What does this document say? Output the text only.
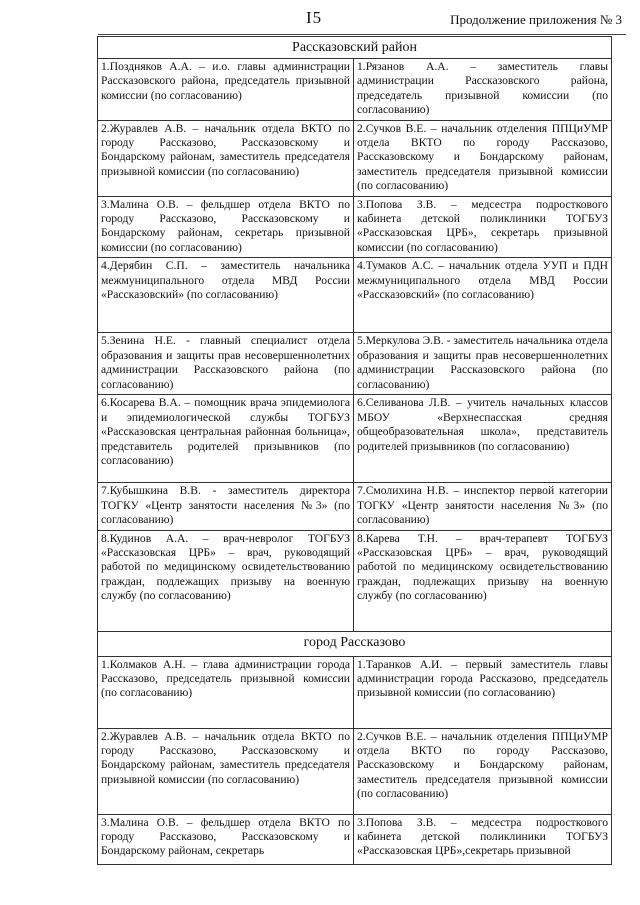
I5	Продолжение приложения № 3
Рассказовский район	
1.Поздняков А.А. – и.о. главы администрации Рассказовского района, председатель призывной комиссии (по согласованию)	1.Рязанов А.А. – заместитель главы администрации Рассказовского района, председатель призывной комиссии (по согласованию)
2.Журавлев А.В. – начальник отдела ВКТО по городу Рассказово, Рассказовскому и Бондарскому районам, заместитель председателя призывной комиссии (по согласованию)	2.Сучков В.Е. – начальник отделения ППЦиУМР отдела ВКТО по городу Рассказово, Рассказовскому и Бондарскому районам, заместитель председателя призывной комиссии (по согласованию)
3.Малина О.В. – фельдшер отдела ВКТО по городу Рассказово, Рассказовскому и Бондарскому районам, секретарь призывной комиссии (по согласованию)	3.Попова З.В. – медсестра подросткового кабинета детской поликлиники ТОГБУЗ «Рассказовская ЦРБ», секретарь призывной комиссии (по согласованию)
4.Дерябин С.П. – заместитель начальника межмуниципального отдела МВД России «Рассказовский» (по согласованию)	4.Тумаков А.С. – начальник отдела УУП и ПДН межмуниципального отдела МВД России «Рассказовский» (по согласованию)
5.Зенина Н.Е. - главный специалист отдела образования и защиты прав несовершеннолетних администрации Рассказовского района (по согласованию)	5.Меркулова Э.В. - заместитель начальника отдела образования и защиты прав несовершеннолетних администрации Рассказовского района (по согласованию)
6.Косарева В.А. – помощник врача эпидемиолога и эпидемиологической службы ТОГБУЗ «Рассказовская центральная районная больница», представитель родителей призывников (по согласованию)	6.Селиванова Л.В. – учитель начальных классов МБОУ «Верхнеспасская средняя общеобразовательная школа», представитель родителей призывников (по согласованию)
7.Кубышкина В.В. - заместитель директора ТОГКУ «Центр занятости населения №3» (по согласованию)	7.Смолихина Н.В. – инспектор первой категории ТОГКУ «Центр занятости населения №3» (по согласованию)
8.Кудинов А.А. – врач-невролог ТОГБУЗ «Рассказовская ЦРБ» – врач, руководящий работой по медицинскому освидетельствованию граждан, подлежащих призыву на военную службу (по согласованию)	8.Карева Т.Н. – врач-терапевт ТОГБУЗ «Рассказовская ЦРБ» – врач, руководящий работой по медицинскому освидетельствованию граждан, подлежащих призыву на военную службу (по согласованию)
город Рассказово	
1.Колмаков А.Н. – глава администрации города Рассказово, председатель призывной комиссии (по согласованию)	1.Таранков А.И. – первый заместитель главы администрации города Рассказово, председатель призывной комиссии (по согласованию)
2.Журавлев А.В. – начальник отдела ВКТО по городу Рассказово, Рассказовскому и Бондарскому районам, заместитель председателя призывной комиссии (по согласованию)	2.Сучков В.Е. – начальник отделения ППЦиУМР отдела ВКТО по городу Рассказово, Рассказовскому и Бондарскому районам, заместитель председателя призывной комиссии (по согласованию)
3.Малина О.В. – фельдшер отдела ВКТО по городу Рассказово, Рассказовскому и Бондарскому районам, секретарь	3.Попова З.В. – медсестра подросткового кабинета детской поликлиники ТОГБУЗ «Рассказовская ЦРБ»,секретарь призывной
